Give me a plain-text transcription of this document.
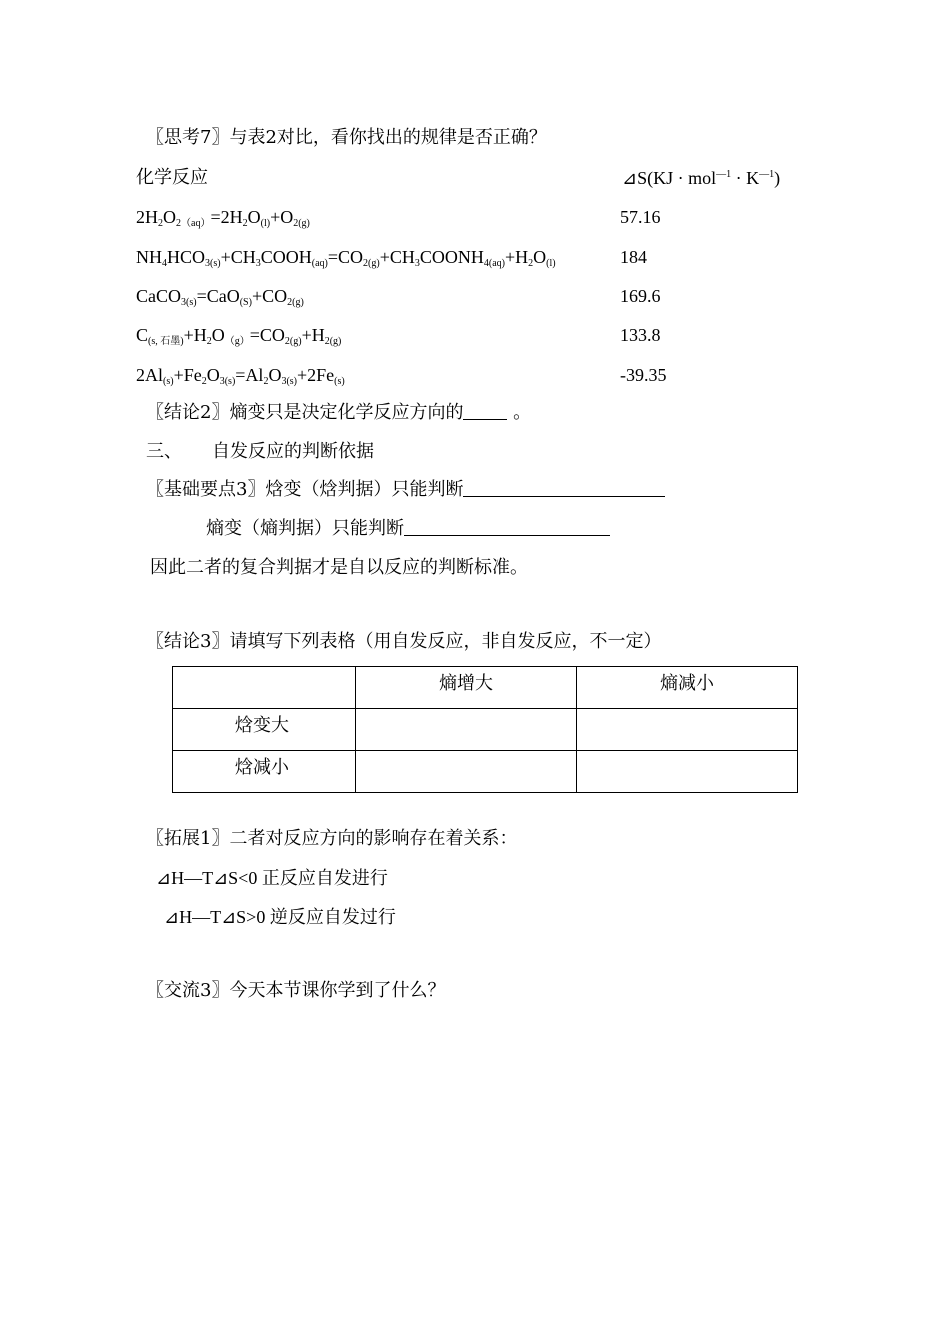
〖思考7〗与表2对比，看你找出的规律是否正确？
化学反应	⊿S(KJ · $mol^{—1} \cdot K^{—1}$)
$2H_2O_{2(aq)}=2H_2O_{(l)}+O_{2(g)}$	57.16
$NH_4HCO_{3(s)}+CH_3COOH_{(aq)}=CO_{2(g)}+CH_3COONH_{4(aq)}+H_2O_{(l)}$	184
$CaCO_{3(s)}=CaO_{(S)}+CO_{2(g)}$	169.6
$C_{(s, 石墨)}+H_2O_{(g)}=CO_{2(g)}+H_{2(g)}$	133.8
$2Al_{(s)}+Fe_2O_{3(s)}=Al_2O_{3(s)}+2Fe_{(s)}$	-39.35
〖结论2〗熵变只是决定化学反应方向的 。
三、 自发反应的判断依据
〖基础要点3〗焓变（焓判据）只能判断
熵变（熵判据）只能判断
因此二者的复合判据才是自以反应的判断标准。
〖结论3〗请填写下列表格（用自发反应，非自发反应，不一定）
	熵增大	熵减小
焓变大		
焓减小		
〖拓展1〗二者对反应方向的影响存在着关系：
⊿H—T⊿S<0 正反应自发进行
⊿H—T⊿S>0 逆反应自发过行
〖交流3〗今天本节课你学到了什么？
